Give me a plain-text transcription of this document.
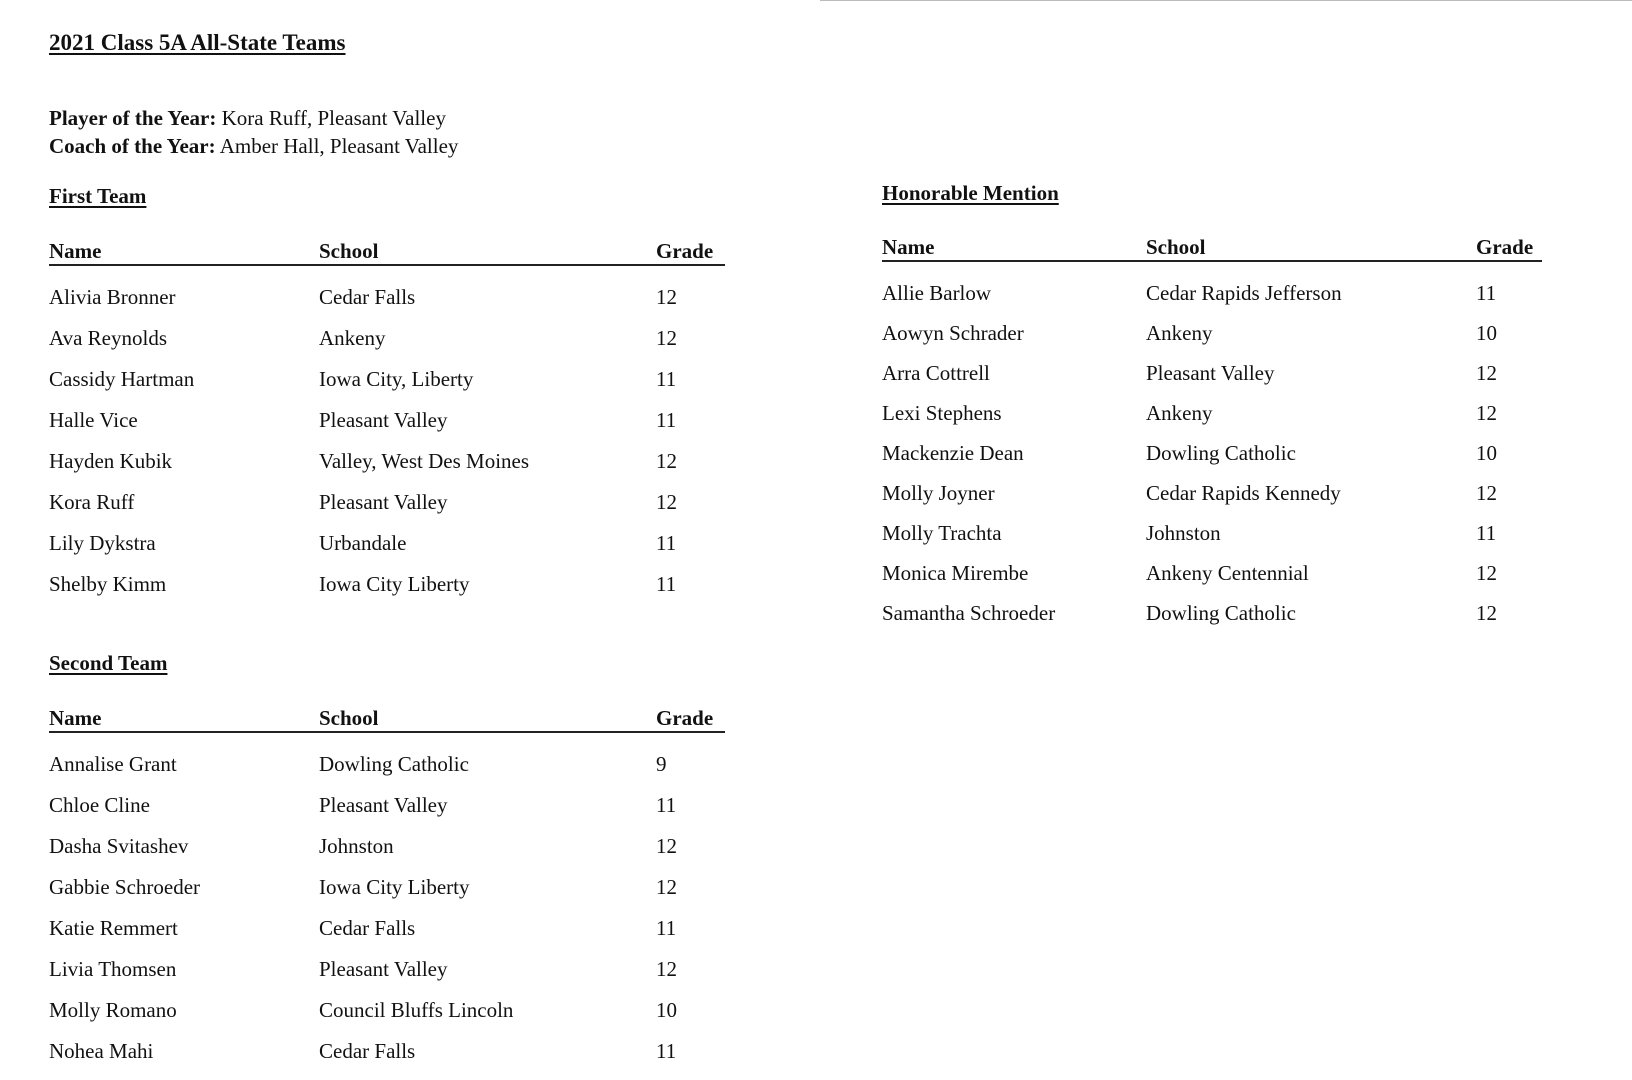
2021 Class 5A All-State Teams
Player of the Year: Kora Ruff, Pleasant Valley
Coach of the Year: Amber Hall, Pleasant Valley
First Team
Name	School	Grade
Alivia Bronner	Cedar Falls	12
Ava Reynolds	Ankeny	12
Cassidy Hartman	Iowa City, Liberty	11
Halle Vice	Pleasant Valley	11
Hayden Kubik	Valley, West Des Moines	12
Kora Ruff	Pleasant Valley	12
Lily Dykstra	Urbandale	11
Shelby Kimm	Iowa City Liberty	11
Second Team
Name	School	Grade
Annalise Grant	Dowling Catholic	9
Chloe Cline	Pleasant Valley	11
Dasha Svitashev	Johnston	12
Gabbie Schroeder	Iowa City Liberty	12
Katie Remmert	Cedar Falls	11
Livia Thomsen	Pleasant Valley	12
Molly Romano	Council Bluffs Lincoln	10
Nohea Mahi	Cedar Falls	11
Honorable Mention
Name	School	Grade
Allie Barlow	Cedar Rapids Jefferson	11
Aowyn Schrader	Ankeny	10
Arra Cottrell	Pleasant Valley	12
Lexi Stephens	Ankeny	12
Mackenzie Dean	Dowling Catholic	10
Molly Joyner	Cedar Rapids Kennedy	12
Molly Trachta	Johnston	11
Monica Mirembe	Ankeny Centennial	12
Samantha Schroeder	Dowling Catholic	12
